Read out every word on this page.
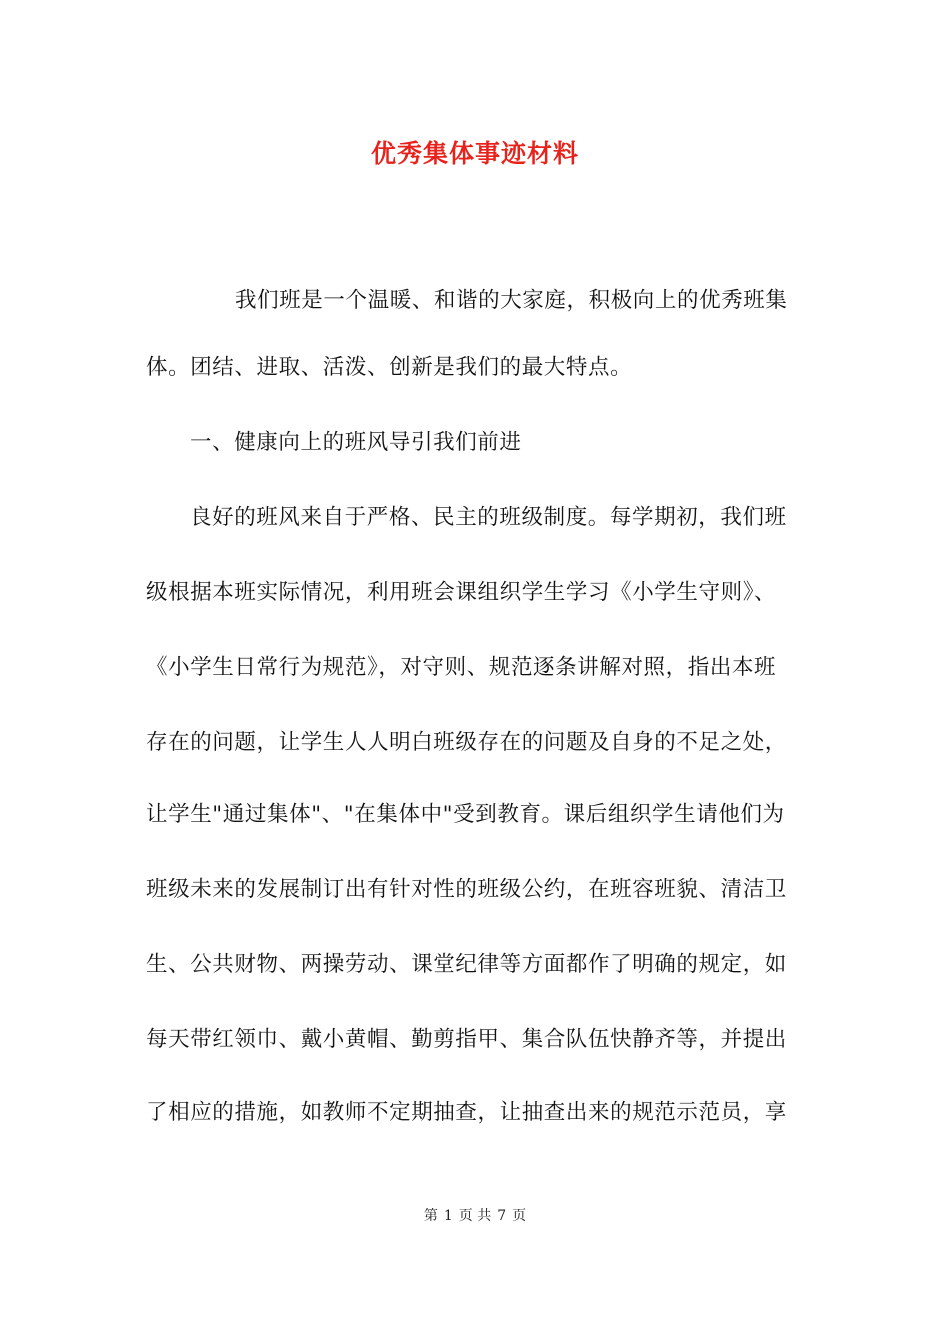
优秀集体事迹材料
我们班是一个温暖、和谐的大家庭，积极向上的优秀班集
体。团结、进取、活泼、创新是我们的最大特点。
一、健康向上的班风导引我们前进
良好的班风来自于严格、民主的班级制度。每学期初，我们班
级根据本班实际情况，利用班会课组织学生学习《小学生守则》、
《小学生日常行为规范》，对守则、规范逐条讲解对照，指出本班
存在的问题，让学生人人明白班级存在的问题及自身的不足之处，
让学生"通过集体"、"在集体中"受到教育。课后组织学生请他们为
班级未来的发展制订出有针对性的班级公约，在班容班貌、清洁卫
生、公共财物、两操劳动、课堂纪律等方面都作了明确的规定，如
每天带红领巾、戴小黄帽、勤剪指甲、集合队伍快静齐等，并提出
了相应的措施，如教师不定期抽查，让抽查出来的规范示范员，享
第 1 页 共 7 页
